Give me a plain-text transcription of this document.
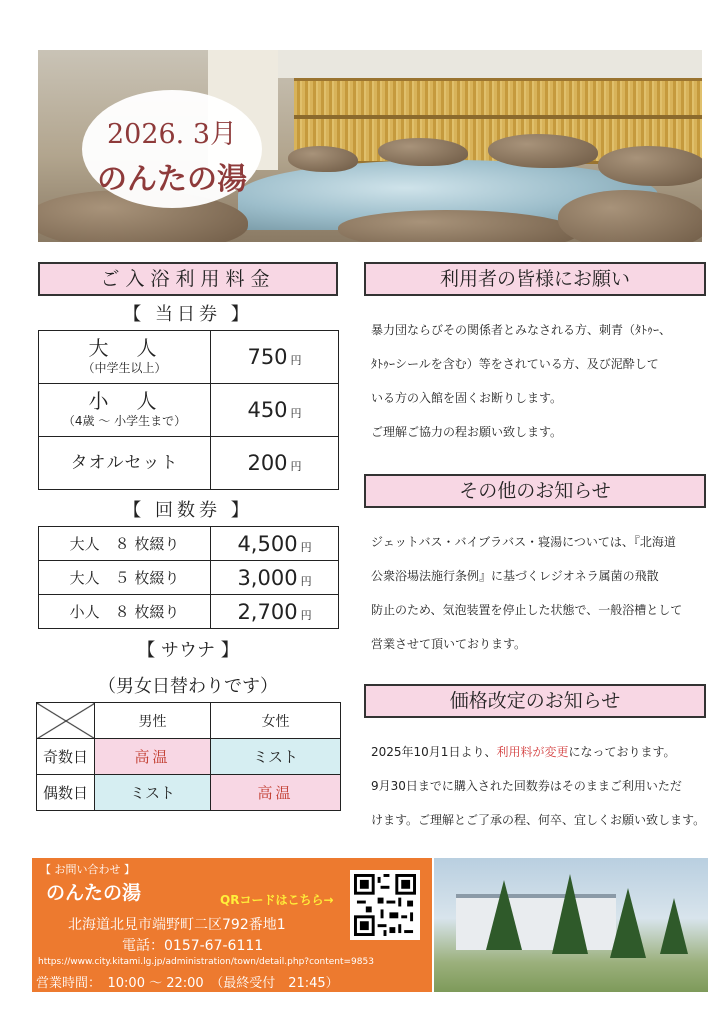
2026. 3月
のんたの湯
ご入浴利用料金
【 当日券 】
大　人
（中学生以上）	750 円

小　人
（4歳 ～ 小学生まで）	450 円

タオルセット	200 円
【 回数券 】
大人　８ 枚綴り	4,500 円
大人　５ 枚綴り	3,000 円
小人　８ 枚綴り	2,700 円
【 サウナ 】
（男女日替わりです）
	男性	女性
奇数日	高温	ミスト
偶数日	ミスト	高温
利用者の皆様にお願い
暴力団ならびその関係者とみなされる方、刺青（ﾀﾄｩｰ、
ﾀﾄｩｰシールを含む）等をされている方、及び泥酔して
いる方の入館を固くお断りします。
ご理解ご協力の程お願い致します。
その他のお知らせ
ジェットバス・バイブラバス・寝湯については、『北海道
公衆浴場法施行条例』に基づくレジオネラ属菌の飛散
防止のため、気泡装置を停止した状態で、一般浴槽として
営業させて頂いております。
価格改定のお知らせ
2025年10月1日より、利用料が変更になっております。
9月30日までに購入された回数券はそのままご利用いただ
けます。ご理解とご了承の程、何卒、宜しくお願い致します。
【 お問い合わせ 】
のんたの湯	QRコードはこちら→
北海道北見市端野町二区792番地1
電話：0157-67-6111
https://www.city.kitami.lg.jp/administration/town/detail.php?content=9853
営業時間：　10:00 ～ 22:00　（最終受付　21:45）
